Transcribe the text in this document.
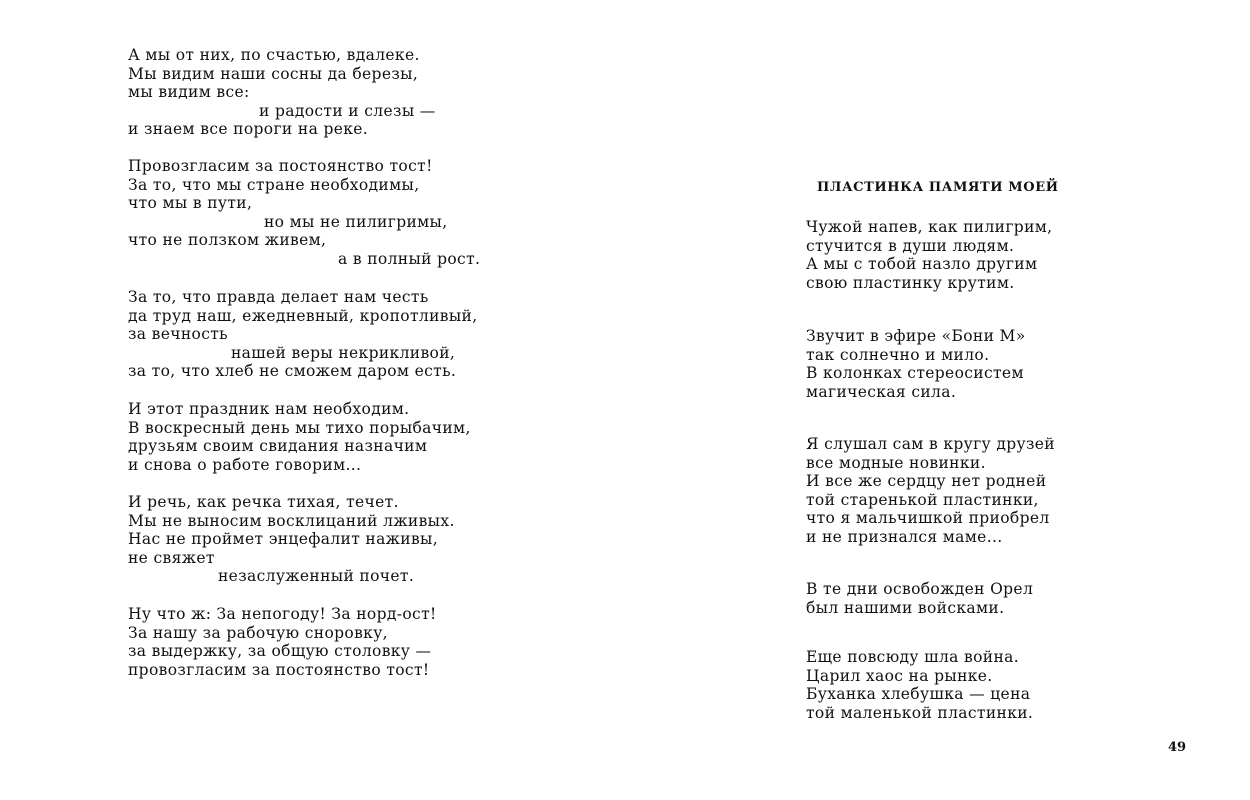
А мы от них, по счастью, вдалеке.
Мы видим наши сосны да березы,
мы видим все:
и радости и слезы —
и знаем все пороги на реке.
Провозгласим за постоянство тост!
За то, что мы стране необходимы,
что мы в пути,
но мы не пилигримы,
что не ползком живем,
а в полный рост.
За то, что правда делает нам честь
да труд наш, ежедневный, кропотливый,
за вечность
нашей веры некрикливой,
за то, что хлеб не сможем даром есть.
И этот праздник нам необходим.
В воскресный день мы тихо порыбачим,
друзьям своим свидания назначим
и снова о работе говорим...
И речь, как речка тихая, течет.
Мы не выносим восклицаний лживых.
Нас не проймет энцефалит наживы,
не свяжет
незаслуженный почет.
Ну что ж: За непогоду! За норд-ост!
За нашу за рабочую сноровку,
за выдержку, за общую столовку —
провозгласим за постоянство тост!
ПЛАСТИНКА ПАМЯТИ МОЕЙ
Чужой напев, как пилигрим,
стучится в души людям.
А мы с тобой назло другим
свою пластинку крутим.
Звучит в эфире «Бони М»
так солнечно и мило.
В колонках стереосистем
магическая сила.
Я слушал сам в кругу друзей
все модные новинки.
И все же сердцу нет родней
той старенькой пластинки,
что я мальчишкой приобрел
и не признался маме...
В те дни освобожден Орел
был нашими войсками.
Еще повсюду шла война.
Царил хаос на рынке.
Буханка хлебушка — цена
той маленькой пластинки.
49
